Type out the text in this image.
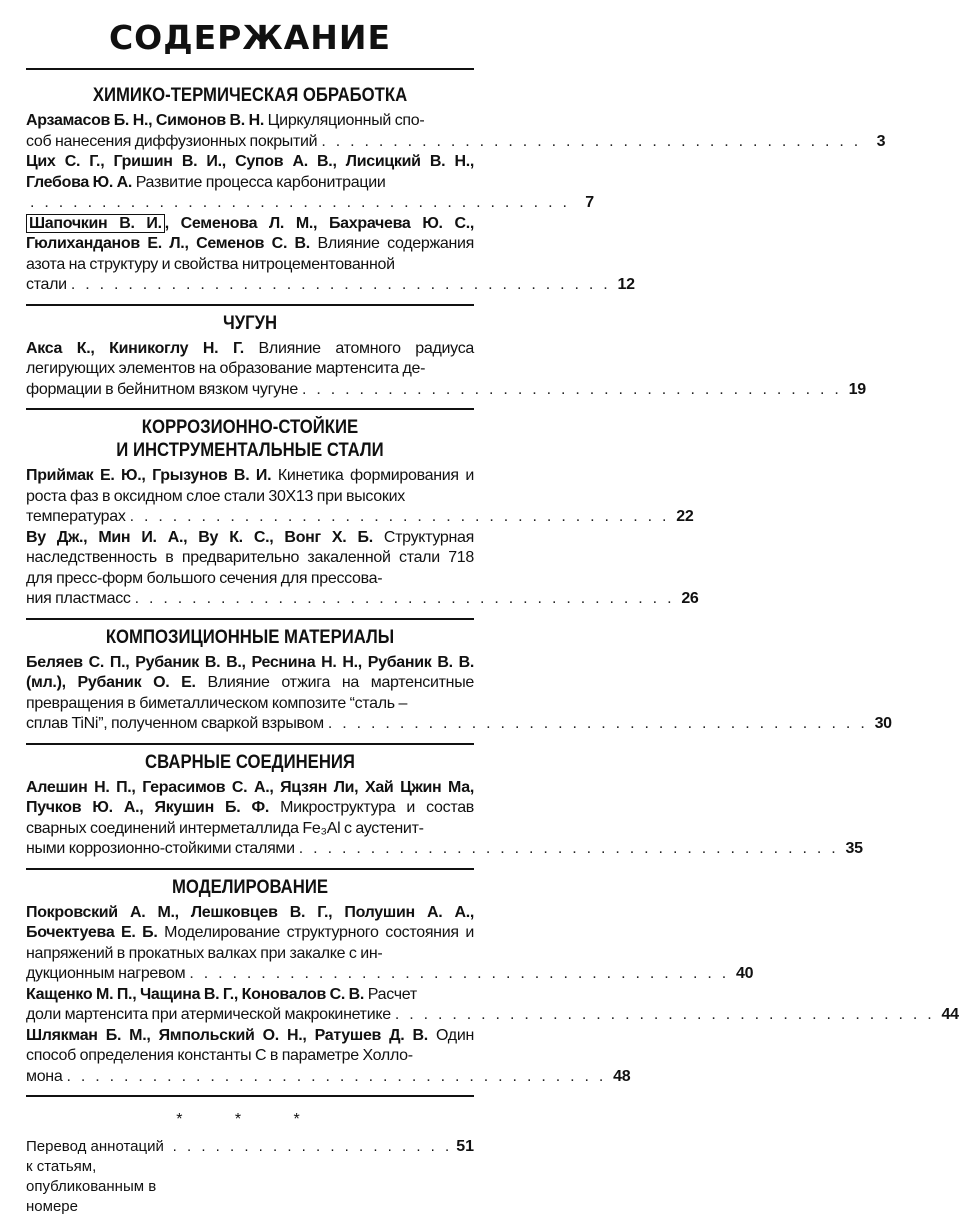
СОДЕРЖАНИЕ
ХИМИКО-ТЕРМИЧЕСКАЯ ОБРАБОТКА
Арзамасов Б. Н., Симонов В. Н. Циркуляционный спо-
соб нанесения диффузионных покрытий . . . . . . . . . . . . . . . . . . . . . . . . . . . . . . . . . . . . . . 3
Цих С. Г., Гришин В. И., Супов А. В., Лисицкий В. Н., Глебова Ю. А. Развитие процесса карбонитрации
. . . . . . . . . . . . . . . . . . . . . . . . . . . . . . . . . . . . . . 7
Шапочкин В. И. , Семенова Л. М., Бахрачева Ю. С., Гюлиханданов Е. Л., Семенов С. В. Влияние содержания азота на структуру и свойства нитроцементованной
стали . . . . . . . . . . . . . . . . . . . . . . . . . . . . . . . . . . . . . . 12
ЧУГУН
Акса К., Киникоглу Н. Г. Влияние атомного радиуса легирующих элементов на образование мартенсита де-
формации в бейнитном вязком чугуне . . . . . . . . . . . . . . . . . . . . . . . . . . . . . . . . . . . . . . 19
КОРРОЗИОННО-СТОЙКИЕ
И ИНСТРУМЕНТАЛЬНЫЕ СТАЛИ
Приймак Е. Ю., Грызунов В. И. Кинетика формирования и роста фаз в оксидном слое стали 30Х13 при высоких
температурах . . . . . . . . . . . . . . . . . . . . . . . . . . . . . . . . . . . . . . 22
Ву Дж., Мин И. А., Ву К. С., Вонг Х. Б. Структурная наследственность в предварительно закаленной стали 718 для пресс-форм большого сечения для прессова-
ния пластмасс . . . . . . . . . . . . . . . . . . . . . . . . . . . . . . . . . . . . . . 26
КОМПОЗИЦИОННЫЕ МАТЕРИАЛЫ
Беляев С. П., Рубаник В. В., Реснина Н. Н., Рубаник В. В. (мл.), Рубаник О. Е. Влияние отжига на мартенситные превращения в биметаллическом композите “сталь –
сплав TiNi”, полученном сваркой взрывом . . . . . . . . . . . . . . . . . . . . . . . . . . . . . . . . . . . . . . 30
СВАРНЫЕ СОЕДИНЕНИЯ
Алешин Н. П., Герасимов С. А., Яцзян Ли, Хай Цжин Ма, Пучков Ю. А., Якушин Б. Ф. Микроструктура и состав сварных соединений интерметаллида Fe₃Al с аустенит-
ными коррозионно-стойкими сталями . . . . . . . . . . . . . . . . . . . . . . . . . . . . . . . . . . . . . . 35
МОДЕЛИРОВАНИЕ
Покровский А. М., Лешковцев В. Г., Полушин А. А., Бочектуева Е. Б. Моделирование структурного состояния и напряжений в прокатных валках при закалке с ин-
дукционным нагревом . . . . . . . . . . . . . . . . . . . . . . . . . . . . . . . . . . . . . . 40
Кащенко М. П., Чащина В. Г., Коновалов С. В. Расчет
доли мартенсита при атермической макрокинетике . . . . . . . . . . . . . . . . . . . . . . . . . . . . . . . . . . . . . . 44
Шлякман Б. М., Ямпольский О. Н., Ратушев Д. В. Один способ определения константы C в параметре Холло-
мона . . . . . . . . . . . . . . . . . . . . . . . . . . . . . . . . . . . . . . 48
* * *
Перевод аннотаций к статьям, опубликованным в номере
. . . . . . . . . . . . . . . . . . . . 51
